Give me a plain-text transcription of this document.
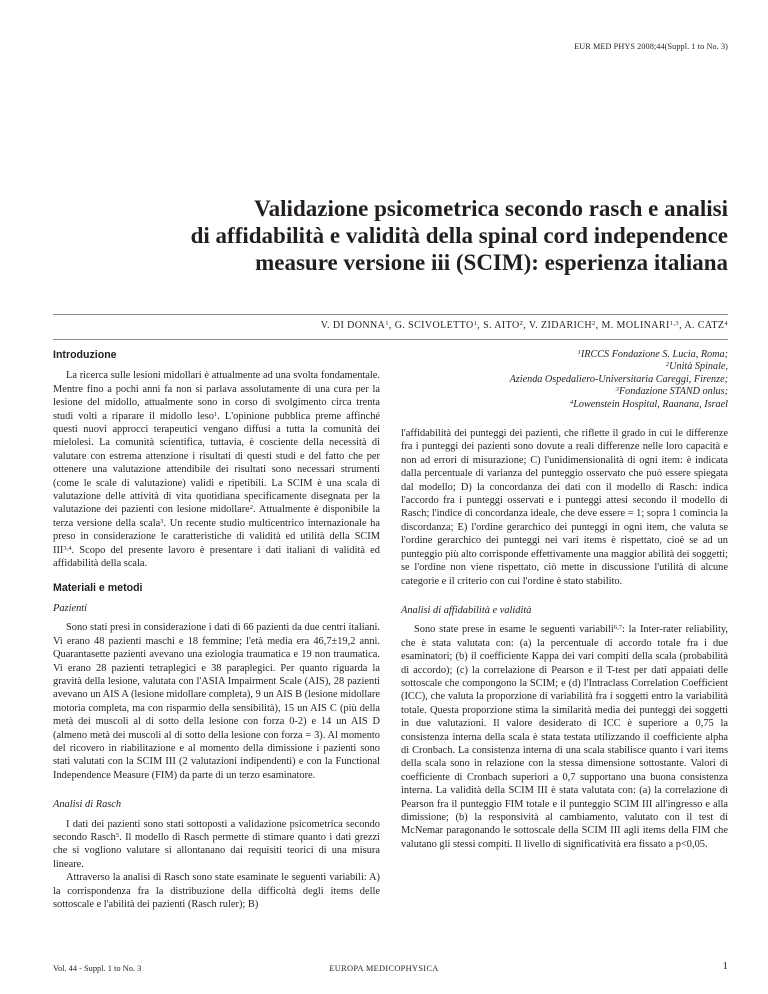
EUR MED PHYS 2008;44(Suppl. 1 to No. 3)
Validazione psicometrica secondo rasch e analisi
di affidabilità e validità della spinal cord independence
measure versione iii (SCIM): esperienza italiana
V. DI DONNA$^1$, G. SCIVOLETTO$^1$, S. AITO$^2$, V. ZIDARICH$^2$, M. MOLINARI$^{1,3}$, A. CATZ$^4$
Introduzione

La ricerca sulle lesioni midollari è attualmente ad una svolta fondamentale. Mentre fino a pochi anni fa non si parlava assolutamente di una cura per la lesione del midollo, attualmente sono in corso di svolgimento circa trenta studi volti a riparare il midollo leso$^1$. L'opinione pubblica preme affinché questi nuovi approcci terapeutici vengano diffusi a tutta la comunità dei mielolesi. La comunità scientifica, tuttavia, è cosciente della necessità di valutare con estrema attenzione i risultati di questi studi e del fatto che per ottenere una valutazione attendibile dei risultati sono necessari strumenti (come le scale di valutazione) validi e ripetibili. La SCIM è una scala di valutazione delle attività di vita quotidiana specificamente disegnata per la valutazione dei pazienti con lesione midollare$^2$. Attualmente è disponibile la terza versione della scala$^3$. Un recente studio multicentrico internazionale ha preso in considerazione le caratteristiche di validità ed utilità della SCIM III$^{3,4}$. Scopo del presente lavoro è presentare i dati italiani di validità ed affidabilità della scala.

Materiali e metodi
Pazienti

Sono stati presi in considerazione i dati di 66 pazienti da due centri italiani. Vi erano 48 pazienti maschi e 18 femmine; l'età media era 46,7±19,2 anni. Quarantasette pazienti avevano una eziologia traumatica e 19 non traumatica. Vi erano 28 pazienti tetraplegici e 38 paraplegici. Per quanto riguarda la gravità della lesione, valutata con l'ASIA Impairment Scale (AIS), 28 pazienti avevano un AIS A (lesione midollare completa), 9 un AIS B (lesione midollare motoria completa, ma con risparmio della sensibilità), 15 un AIS C (più della metà dei muscoli al di sotto della lesione con forza 0-2) e 14 un AIS D (almeno metà dei muscoli al di sotto della lesione con forza = 3). Al momento del ricovero in riabilitazione e al momento della dimissione i pazienti sono stati valutati con la SCIM III (2 valutazioni indipendenti) e con la Functional Independence Measure (FIM) da parte di un terzo esaminatore.

Analisi di Rasch

I dati dei pazienti sono stati sottoposti a validazione psicometrica secondo secondo Rasch$^5$. Il modello di Rasch permette di stimare quanto i dati grezzi che si vogliono valutare si allontanano dai requisiti teorici di una misura lineare.

Attraverso la analisi di Rasch sono state esaminate le seguenti variabili: A) la corrispondenza fra la distribuzione della difficoltà degli items delle sottoscale e l'abilità dei pazienti (Rasch ruler); B)

$^1$IRCCS Fondazione S. Lucia, Roma;
$^2$Unità Spinale,
Azienda Ospedaliero-Universitaria Careggi, Firenze;
$^3$Fondazione STAND onlus;
$^4$Lowenstein Hospital, Raanana, Israel

l'affidabilità dei punteggi dei pazienti, che riflette il grado in cui le differenze fra i punteggi dei pazienti sono dovute a reali differenze nelle loro capacità e non ad errori di misurazione; C) l'unidimensionalità di ogni item: è indicata dalla percentuale di varianza del punteggio osservato che può essere spiegata dal modello; D) la concordanza dei dati con il modello di Rasch: indica l'accordo fra i punteggi osservati e i punteggi attesi secondo il modello di Rasch; l'indice di concordanza ideale, che deve essere = 1; sopra 1 comincia la discordanza; E) l'ordine gerarchico dei punteggi in ogni item, che valuta se l'ordine gerarchico dei punteggi nei vari items è rispettato, cioè se ad un punteggio più alto corrisponde effettivamente una maggior abilità dei soggetti; se l'ordine non viene rispettato, ciò mette in discussione l'utilità di alcune categorie e il criterio con cui l'ordine è stato stabilito.

Analisi di affidabilità e validità

Sono state prese in esame le seguenti variabili$^{6,7}$: la Inter-rater reliability, che è stata valutata con: (a) la percentuale di accordo totale fra i due esaminatori; (b) il coefficiente Kappa dei vari compiti della scala (probabilità di accordo); (c) la correlazione di Pearson e il T-test per dati appaiati delle sottoscale che compongono la SCIM; e (d) l'Intraclass Correlation Coefficient (ICC), che valuta la proporzione di variabilità fra i soggetti entro la variabilità totale. Questa proporzione stima la similarità media dei punteggi dei soggetti in due valutazioni. Il valore desiderato di ICC è superiore a 0,75 la consistenza interna della scala è stata testata utilizzando il coefficiente alpha di Cronbach. La consistenza interna di una scala stabilisce quanto i vari items della scala sono in relazione con la stessa dimensione sottostante. Valori di coefficiente di Cronbach superiori a 0,7 supportano una buona consistenza interna. La validità della SCIM III è stata valutata con: (a) la correlazione di Pearson fra il punteggio FIM totale e il punteggio SCIM III all'ingresso e alla dimissione; (b) la responsività al cambiamento, valutato con il test di McNemar paragonando le sottoscale della SCIM III agli items della FIM che valutano gli stessi compiti. Il livello di significatività era fissato a p<0,05.

Vol. 44 - Suppl. 1 to No. 3	EUROPA MEDICOPHYSICA	1
